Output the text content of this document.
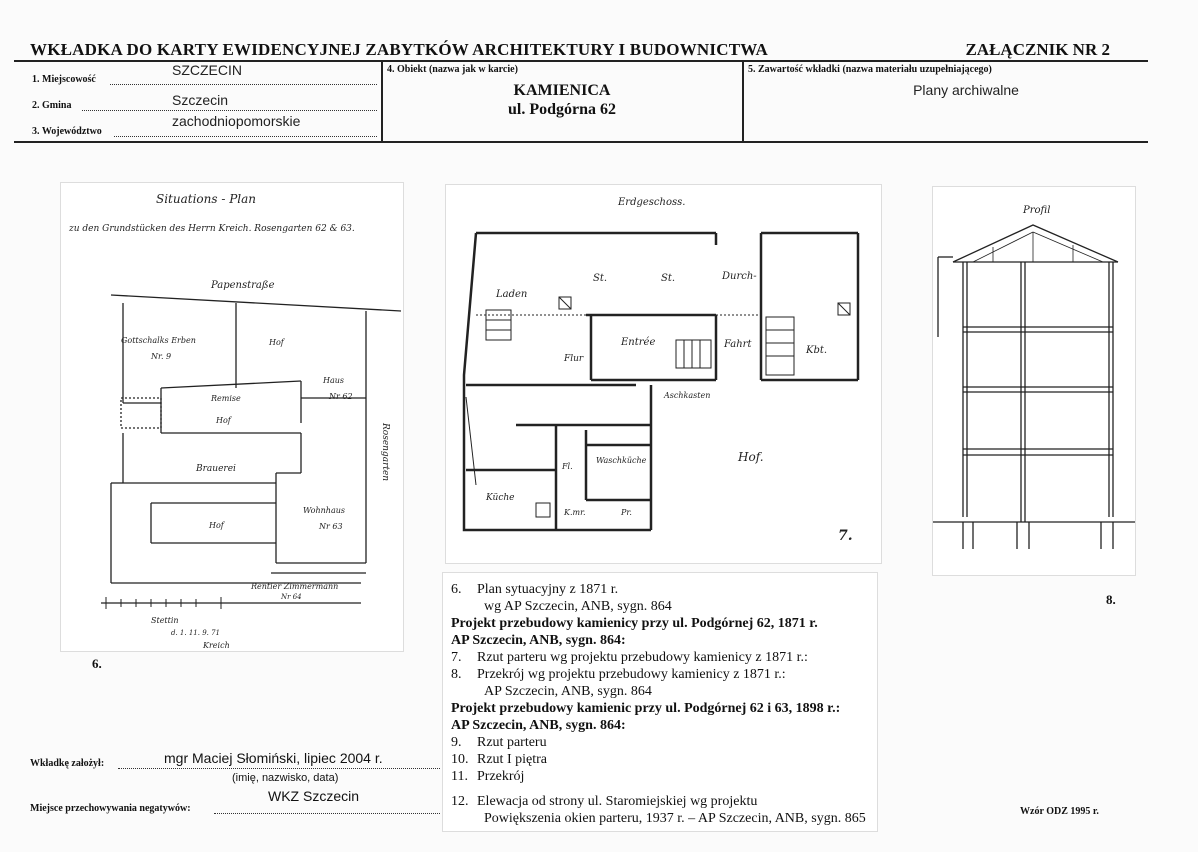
WKŁADKA DO KARTY EWIDENCYJNEJ ZABYTKÓW ARCHITEKTURY I BUDOWNICTWA	ZAŁĄCZNIK NR 2
1. Miejscowość
SZCZECIN
2. Gmina	Szczecin
3. Województwo
zachodniopomorskie
4. Obiekt (nazwa jak w karcie)
KAMIENICA
ul. Podgórna 62
5. Zawartość wkładki (nazwa materiału uzupełniającego)
Plany archiwalne
Situations - Plan
zu den Grundstücken des Herrn Kreich. Rosengarten 62 & 63.
Papenstraße
Gottschalks Erben
Nr. 9
Hof
Haus
Nr 62
Remise
Hof
Brauerei
Hof
Wohnhaus
Nr 63
Rosengarten
Rentier Zimmermann
Nr 64
Stettin
d. 1. 11. 9. 71
Kreich
6.
Erdgeschoss.
Laden
St.	St.	Durch-
Fahrt
Flur
Entrée
Kbt.
Aschkasten
Hof.
Fl.
Waschküche
Küche
K.mr.	Pr.
7.
Profil
8.
6. Plan sytuacyjny z 1871 r.
wg AP Szczecin, ANB, sygn. 864
Projekt przebudowy kamienicy przy ul. Podgórnej 62, 1871 r.
AP Szczecin, ANB, sygn. 864:
7. Rzut parteru wg projektu przebudowy kamienicy z 1871 r.:
8. Przekrój wg projektu przebudowy kamienicy z 1871 r.:
AP Szczecin, ANB, sygn. 864
Projekt przebudowy kamienic przy ul. Podgórnej 62 i 63, 1898 r.:
AP Szczecin, ANB, sygn. 864:
9. Rzut parteru
10. Rzut I piętra
11. Przekrój
12. Elewacja od strony ul. Staromiejskiej wg projektu
Powiększenia okien parteru, 1937 r. – AP Szczecin, ANB, sygn. 865
Wkładkę założył:	mgr Maciej Słomiński, lipiec 2004 r.
(imię, nazwisko, data)
Miejsce przechowywania negatywów:
WKZ Szczecin
Wzór ODZ 1995 r.
